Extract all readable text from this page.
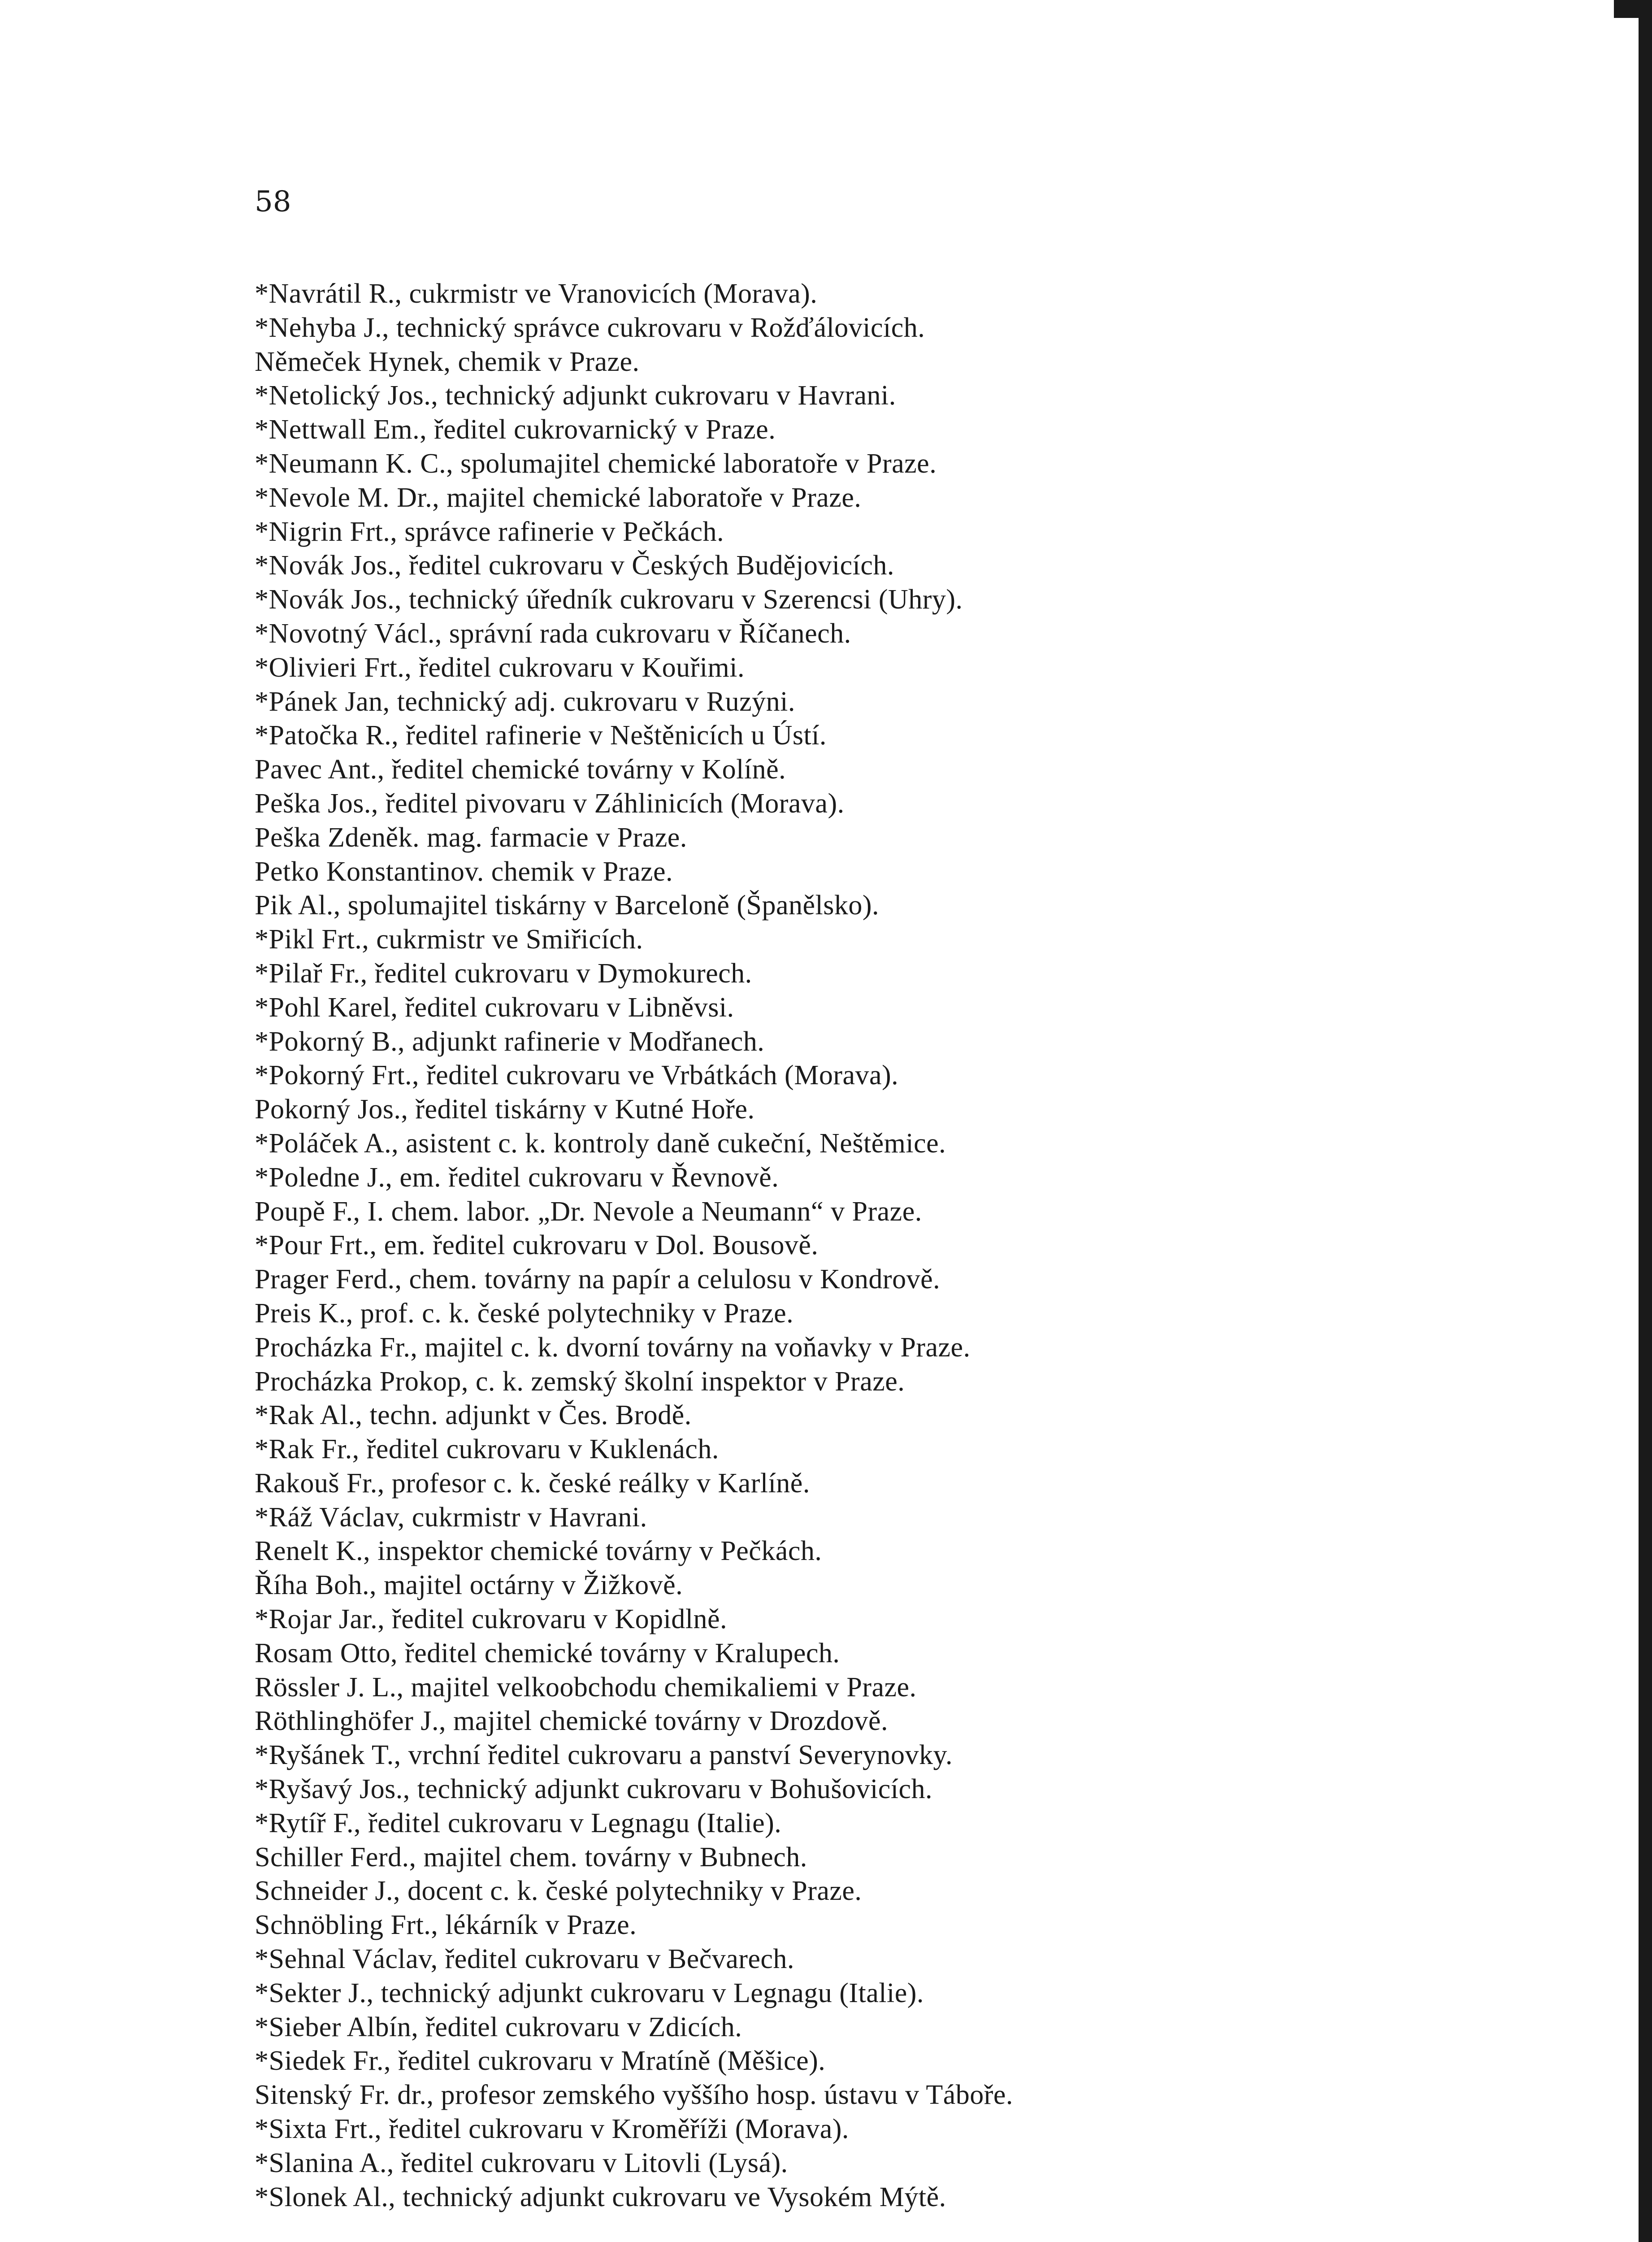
58
*Navrátil R., cukrmistr ve Vranovicích (Morava).
*Nehyba J., technický správce cukrovaru v Rožďálovicích.
Němeček Hynek, chemik v Praze.
*Netolický Jos., technický adjunkt cukrovaru v Havrani.
*Nettwall Em., ředitel cukrovarnický v Praze.
*Neumann K. C., spolumajitel chemické laboratoře v Praze.
*Nevole M. Dr., majitel chemické laboratoře v Praze.
*Nigrin Frt., správce rafinerie v Pečkách.
*Novák Jos., ředitel cukrovaru v Českých Budějovicích.
*Novák Jos., technický úředník cukrovaru v Szerencsi (Uhry).
*Novotný Václ., správní rada cukrovaru v Říčanech.
*Olivieri Frt., ředitel cukrovaru v Kouřimi.
*Pánek Jan, technický adj. cukrovaru v Ruzýni.
*Patočka R., ředitel rafinerie v Neštěnicích u Ústí.
Pavec Ant., ředitel chemické továrny v Kolíně.
Peška Jos., ředitel pivovaru v Záhlinicích (Morava).
Peška Zdeněk. mag. farmacie v Praze.
Petko Konstantinov. chemik v Praze.
Pik Al., spolumajitel tiskárny v Barceloně (Španělsko).
*Pikl Frt., cukrmistr ve Smiřicích.
*Pilař Fr., ředitel cukrovaru v Dymokurech.
*Pohl Karel, ředitel cukrovaru v Libněvsi.
*Pokorný B., adjunkt rafinerie v Modřanech.
*Pokorný Frt., ředitel cukrovaru ve Vrbátkách (Morava).
Pokorný Jos., ředitel tiskárny v Kutné Hoře.
*Poláček A., asistent c. k. kontroly daně cukeční, Neštěmice.
*Poledne J., em. ředitel cukrovaru v Řevnově.
Poupě F., I. chem. labor. „Dr. Nevole a Neumann“ v Praze.
*Pour Frt., em. ředitel cukrovaru v Dol. Bousově.
Prager Ferd., chem. továrny na papír a celulosu v Kondrově.
Preis K., prof. c. k. české polytechniky v Praze.
Procházka Fr., majitel c. k. dvorní továrny na voňavky v Praze.
Procházka Prokop, c. k. zemský školní inspektor v Praze.
*Rak Al., techn. adjunkt v Čes. Brodě.
*Rak Fr., ředitel cukrovaru v Kuklenách.
Rakouš Fr., profesor c. k. české reálky v Karlíně.
*Ráž Václav, cukrmistr v Havrani.
Renelt K., inspektor chemické továrny v Pečkách.
Říha Boh., majitel octárny v Žižkově.
*Rojar Jar., ředitel cukrovaru v Kopidlně.
Rosam Otto, ředitel chemické továrny v Kralupech.
Rössler J. L., majitel velkoobchodu chemikaliemi v Praze.
Röthlinghöfer J., majitel chemické továrny v Drozdově.
*Ryšánek T., vrchní ředitel cukrovaru a panství Severynovky.
*Ryšavý Jos., technický adjunkt cukrovaru v Bohušovicích.
*Rytíř F., ředitel cukrovaru v Legnagu (Italie).
Schiller Ferd., majitel chem. továrny v Bubnech.
Schneider J., docent c. k. české polytechniky v Praze.
Schnöbling Frt., lékárník v Praze.
*Sehnal Václav, ředitel cukrovaru v Bečvarech.
*Sekter J., technický adjunkt cukrovaru v Legnagu (Italie).
*Sieber Albín, ředitel cukrovaru v Zdicích.
*Siedek Fr., ředitel cukrovaru v Mratíně (Měšice).
Sitenský Fr. dr., profesor zemského vyššího hosp. ústavu v Táboře.
*Sixta Frt., ředitel cukrovaru v Kroměříži (Morava).
*Slanina A., ředitel cukrovaru v Litovli (Lysá).
*Slonek Al., technický adjunkt cukrovaru ve Vysokém Mýtě.
